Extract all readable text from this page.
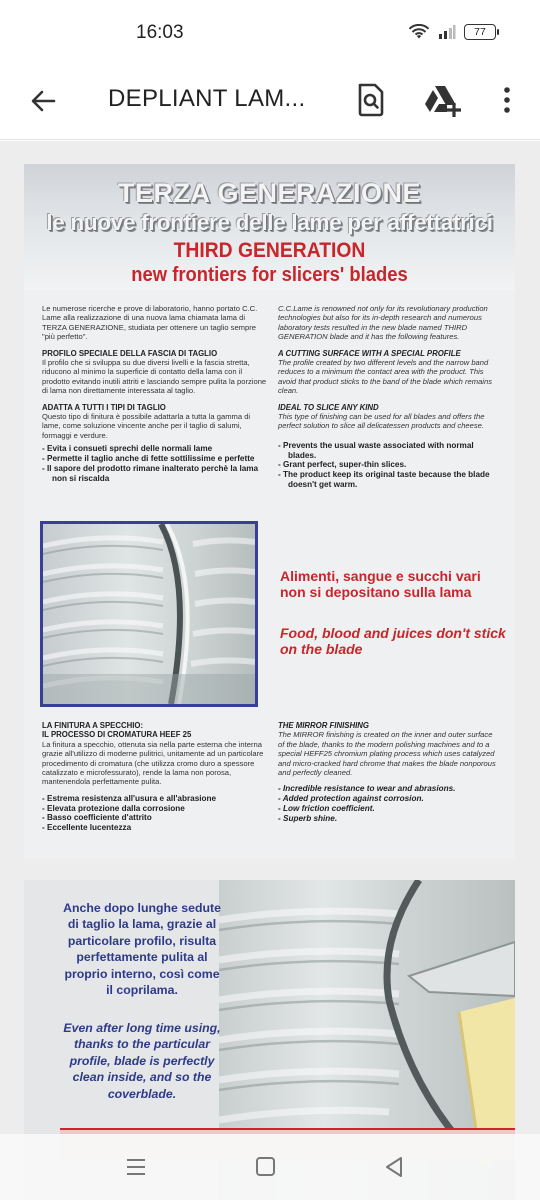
16:03	77
DEPLIANT LAM...
TERZA GENERAZIONE
le nuove frontiere delle lame per affettatrici
THIRD GENERATION
new frontiers for slicers' blades

Le numerose ricerche e prove di laboratorio, hanno portato C.C. Lame alla realizzazione di una nuova lama chiamata lama di TERZA GENERAZIONE, studiata per ottenere un taglio sempre "più perfetto".

PROFILO SPECIALE DELLA FASCIA DI TAGLIO

Il profilo che si sviluppa su due diversi livelli e la fascia stretta, riducono al minimo la superficie di contatto della lama con il prodotto evitando inutili attriti e lasciando sempre pulita la porzione di lama non direttamente interessata al taglio.

ADATTA A TUTTI I TIPI DI TAGLIO

Questo tipo di finitura è possibile adattarla a tutta la gamma di lame, come soluzione vincente anche per il taglio di salumi, formaggi e verdure.

- Evita i consueti sprechi delle normali lame
- Permette il taglio anche di fette sottilissime e perfette
- Il sapore del prodotto rimane inalterato perchè la lama non si riscalda

C.C.Lame is renowned not only for its revolutionary production technologies but also for its in-depth research and numerous laboratory tests resulted in the new blade named THIRD GENERATION blade and it has the following features.

A CUTTING SURFACE WITH A SPECIAL PROFILE

The profile created by two different levels and the narrow band reduces to a minimum the contact area with the product. This avoid that product sticks to the band of the blade which remains clean.

IDEAL TO SLICE ANY KIND

This type of finishing can be used for all blades and offers the perfect solution to slice all delicatessen products and cheese.

- Prevents the usual waste associated with normal blades.
- Grant perfect, super-thin slices.
- The product keep its original taste because the blade doesn't get warm.
Alimenti, sangue e succhi vari non si depositano sulla lama
Food, blood and juices don't stick on the blade
LA FINITURA A SPECCHIO:
IL PROCESSO DI CROMATURA HEEF 25

La finitura a specchio, ottenuta sia nella parte esterna che interna grazie all'utilizzo di moderne pulitrici, unitamente ad un particolare procedimento di cromatura (che utilizza cromo duro a spessore catalizzato e microfessurato), rende la lama non porosa, mantenendola perfettamente pulita.

- Estrema resistenza all'usura e all'abrasione
- Elevata protezione dalla corrosione
- Basso coefficiente d'attrito
- Eccellente lucentezza
THE MIRROR FINISHING

The MIRROR finishing is created on the inner and outer surface of the blade, thanks to the modern polishing machines and to a special HEFF25 chromium plating process which uses catalyzed and micro-cracked hard chrome that makes the blade nonporous and perfectly cleaned.

- Incredible resistance to wear and abrasions.
- Added protection against corrosion.
- Low friction coefficient.
- Superb shine.
Anche dopo lunghe sedute di taglio la lama, grazie al particolare profilo, risulta perfettamente pulita al proprio interno, così come il coprilama.
Even after long time using, thanks to the particular profile, blade is perfectly clean inside, and so the coverblade.
